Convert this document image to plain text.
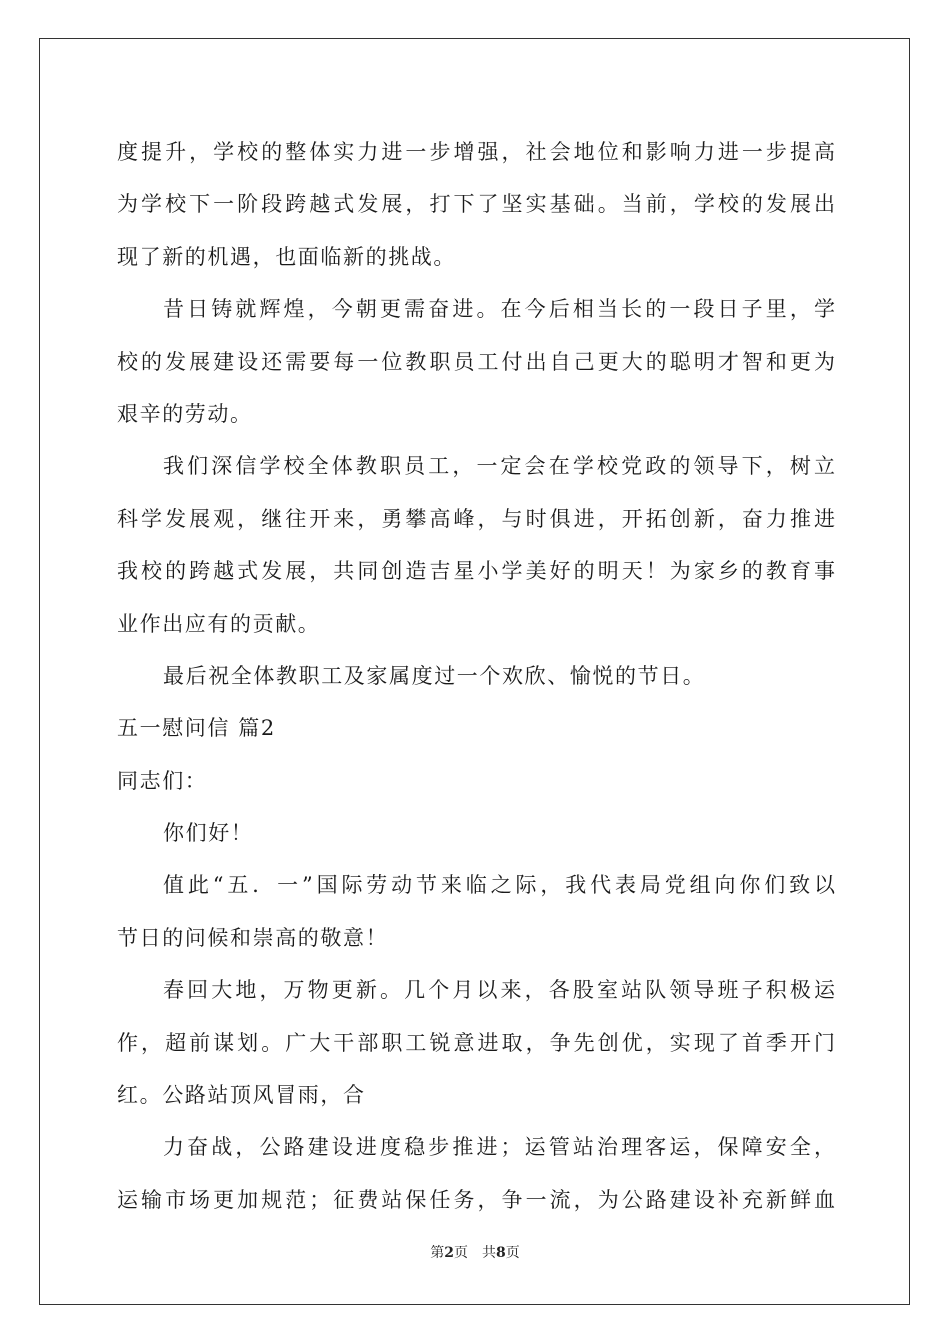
度提升，学校的整体实力进一步增强，社会地位和影响力进一步提高
为学校下一阶段跨越式发展，打下了坚实基础。当前，学校的发展出
现了新的机遇，也面临新的挑战。
昔日铸就辉煌，今朝更需奋进。在今后相当长的一段日子里，学
校的发展建设还需要每一位教职员工付出自己更大的聪明才智和更为
艰辛的劳动。
我们深信学校全体教职员工，一定会在学校党政的领导下，树立
科学发展观，继往开来，勇攀高峰，与时俱进，开拓创新，奋力推进
我校的跨越式发展，共同创造吉星小学美好的明天！为家乡的教育事
业作出应有的贡献。
最后祝全体教职工及家属度过一个欢欣、愉悦的节日。
五一慰问信 篇2
同志们：
你们好！
值此“五．一”国际劳动节来临之际，我代表局党组向你们致以
节日的问候和崇高的敬意！
春回大地，万物更新。几个月以来，各股室站队领导班子积极运
作，超前谋划。广大干部职工锐意进取，争先创优，实现了首季开门
红。公路站顶风冒雨，合
力奋战，公路建设进度稳步推进；运管站治理客运，保障安全，
运输市场更加规范；征费站保任务，争一流，为公路建设补充新鲜血
第2页 共8页
